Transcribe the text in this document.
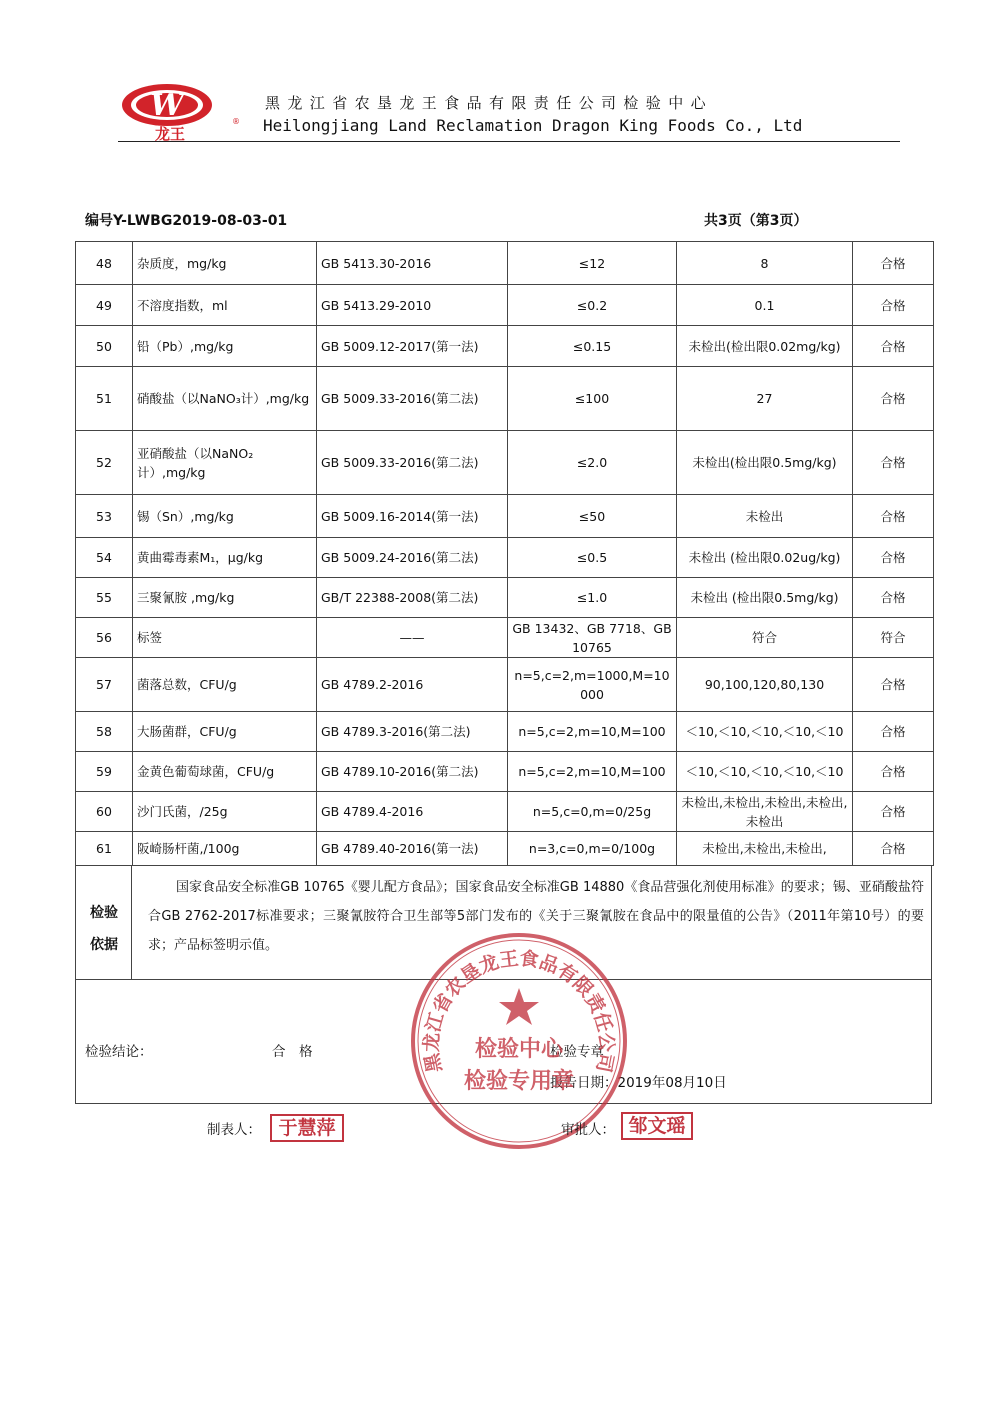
W
龙王
®
黑龙江省农垦龙王食品有限责任公司检验中心
Heilongjiang Land Reclamation Dragon King Foods Co., Ltd
编号Y-LWBG2019-08-03-01	共3页（第3页）
48	杂质度，mg/kg	GB 5413.30-2016	≤12	8	合格
49	不溶度指数，ml	GB 5413.29-2010	≤0.2	0.1	合格
50	铅（Pb）,mg/kg	GB 5009.12-2017(第一法)	≤0.15	未检出(检出限0.02mg/kg)	合格
51	硝酸盐（以NaNO₃计）,mg/kg	GB 5009.33-2016(第二法)	≤100	27	合格
52	亚硝酸盐（以NaNO₂计）,mg/kg	GB 5009.33-2016(第二法)	≤2.0	未检出(检出限0.5mg/kg)	合格
53	锡（Sn）,mg/kg	GB 5009.16-2014(第一法)	≤50	未检出	合格
54	黄曲霉毒素M₁，μg/kg	GB 5009.24-2016(第二法)	≤0.5	未检出 (检出限0.02ug/kg)	合格
55	三聚氰胺 ,mg/kg	GB/T 22388-2008(第二法)	≤1.0	未检出 (检出限0.5mg/kg)	合格
56	标签	——	GB 13432、GB 7718、GB 10765	符合	符合
57	菌落总数，CFU/g	GB 4789.2-2016	n=5,c=2,m=1000,M=10000	90,100,120,80,130	合格
58	大肠菌群，CFU/g	GB 4789.3-2016(第二法)	n=5,c=2,m=10,M=100	＜10,＜10,＜10,＜10,＜10	合格
59	金黄色葡萄球菌，CFU/g	GB 4789.10-2016(第二法)	n=5,c=2,m=10,M=100	＜10,＜10,＜10,＜10,＜10	合格
60	沙门氏菌，/25g	GB 4789.4-2016	n=5,c=0,m=0/25g	未检出,未检出,未检出,未检出,未检出	合格
61	阪崎肠杆菌,/100g	GB 4789.40-2016(第一法)	n=3,c=0,m=0/100g	未检出,未检出,未检出,	合格
检验
依据
国家食品安全标准GB 10765《婴儿配方食品》；国家食品安全标准GB 14880《食品营强化剂使用标准》的要求；锡、亚硝酸盐符合GB 2762-2017标准要求；三聚氰胺符合卫生部等5部门发布的《关于三聚氰胺在食品中的限量值的公告》（2011年第10号）的要求；产品标签明示值。
检验结论：	合　格	检验专章
报告日期：2019年08月10日
黑龙江省农垦龙王食品有限责任公司
检验中心
检验专用章
制表人： 于慧萍	审批人： 邹文瑶
